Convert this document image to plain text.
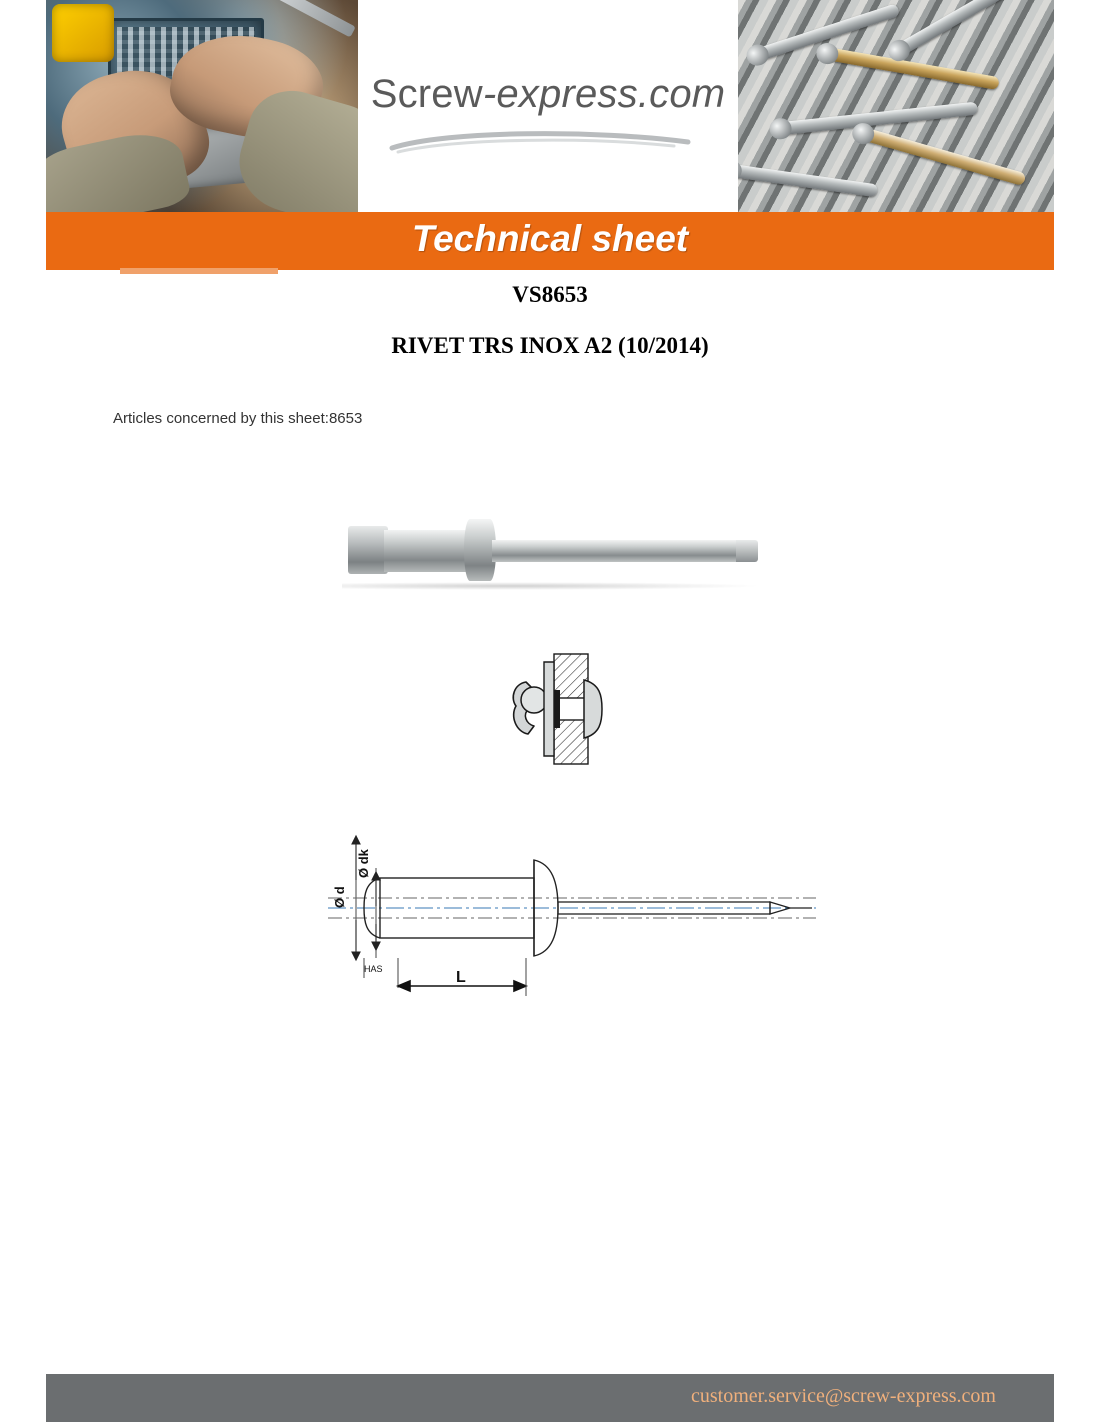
Screw-express.com
Technical sheet
VS8653
RIVET TRS INOX A2 (10/2014)
Articles concerned by this sheet:8653
Ø d
Ø dk
HAS	L
customer.service@screw-express.com
